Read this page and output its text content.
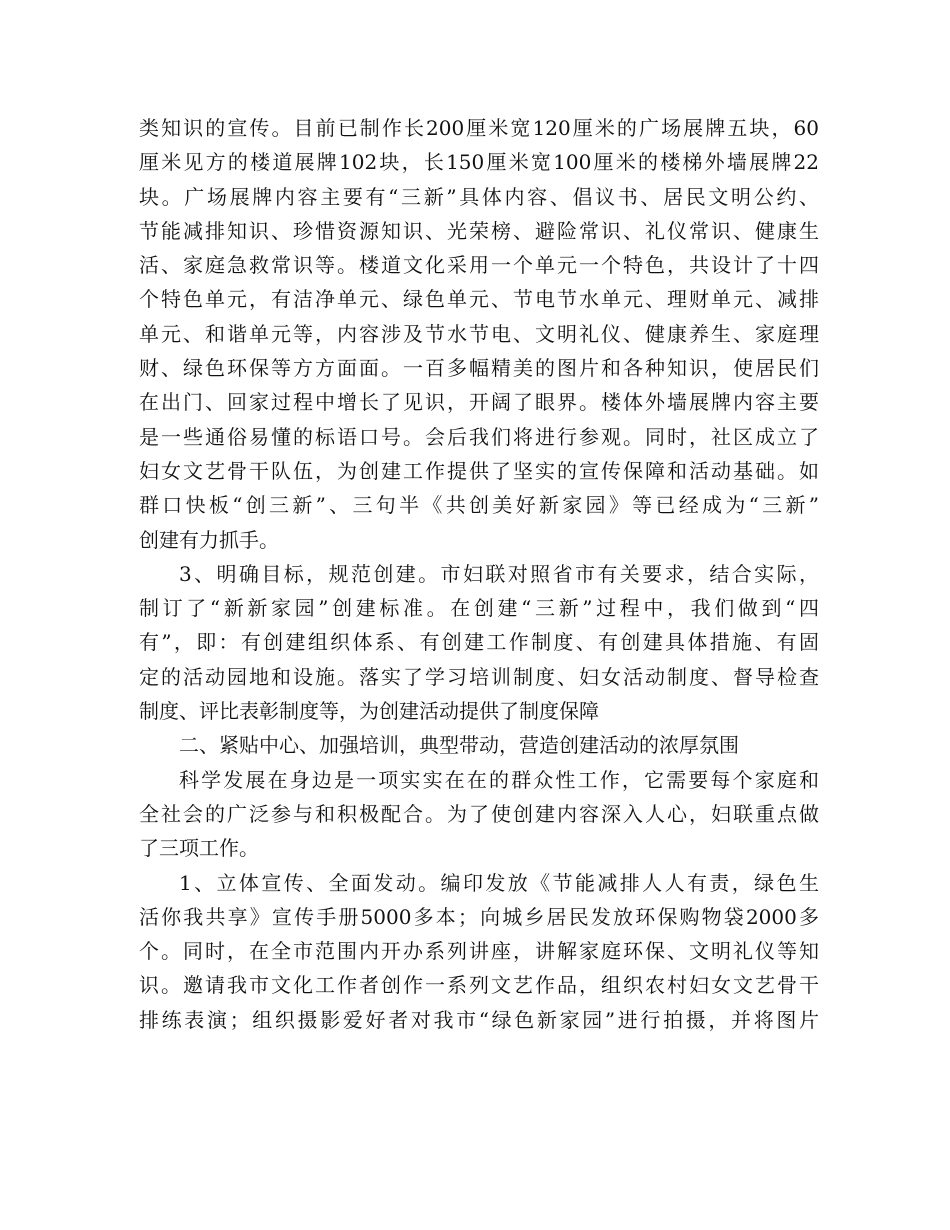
类知识的宣传。目前已制作长200厘米宽120厘米的广场展牌五块，60
厘米见方的楼道展牌102块，长150厘米宽100厘米的楼梯外墙展牌22
块。广场展牌内容主要有“三新”具体内容、倡议书、居民文明公约、
节能减排知识、珍惜资源知识、光荣榜、避险常识、礼仪常识、健康生
活、家庭急救常识等。楼道文化采用一个单元一个特色，共设计了十四
个特色单元，有洁净单元、绿色单元、节电节水单元、理财单元、减排
单元、和谐单元等，内容涉及节水节电、文明礼仪、健康养生、家庭理
财、绿色环保等方方面面。一百多幅精美的图片和各种知识，使居民们
在出门、回家过程中增长了见识，开阔了眼界。楼体外墙展牌内容主要
是一些通俗易懂的标语口号。会后我们将进行参观。同时，社区成立了
妇女文艺骨干队伍，为创建工作提供了坚实的宣传保障和活动基础。如
群口快板“创三新”、三句半《共创美好新家园》等已经成为“三新”
创建有力抓手。
3、明确目标，规范创建。市妇联对照省市有关要求，结合实际，
制订了“新新家园”创建标准。在创建“三新”过程中，我们做到“四
有”，即：有创建组织体系、有创建工作制度、有创建具体措施、有固
定的活动园地和设施。落实了学习培训制度、妇女活动制度、督导检查
制度、评比表彰制度等，为创建活动提供了制度保障
二、紧贴中心、加强培训，典型带动，营造创建活动的浓厚氛围
科学发展在身边是一项实实在在的群众性工作，它需要每个家庭和
全社会的广泛参与和积极配合。为了使创建内容深入人心，妇联重点做
了三项工作。
1、立体宣传、全面发动。编印发放《节能减排人人有责，绿色生
活你我共享》宣传手册5000多本；向城乡居民发放环保购物袋2000多
个。同时，在全市范围内开办系列讲座，讲解家庭环保、文明礼仪等知
识。邀请我市文化工作者创作一系列文艺作品，组织农村妇女文艺骨干
排练表演；组织摄影爱好者对我市“绿色新家园”进行拍摄，并将图片
